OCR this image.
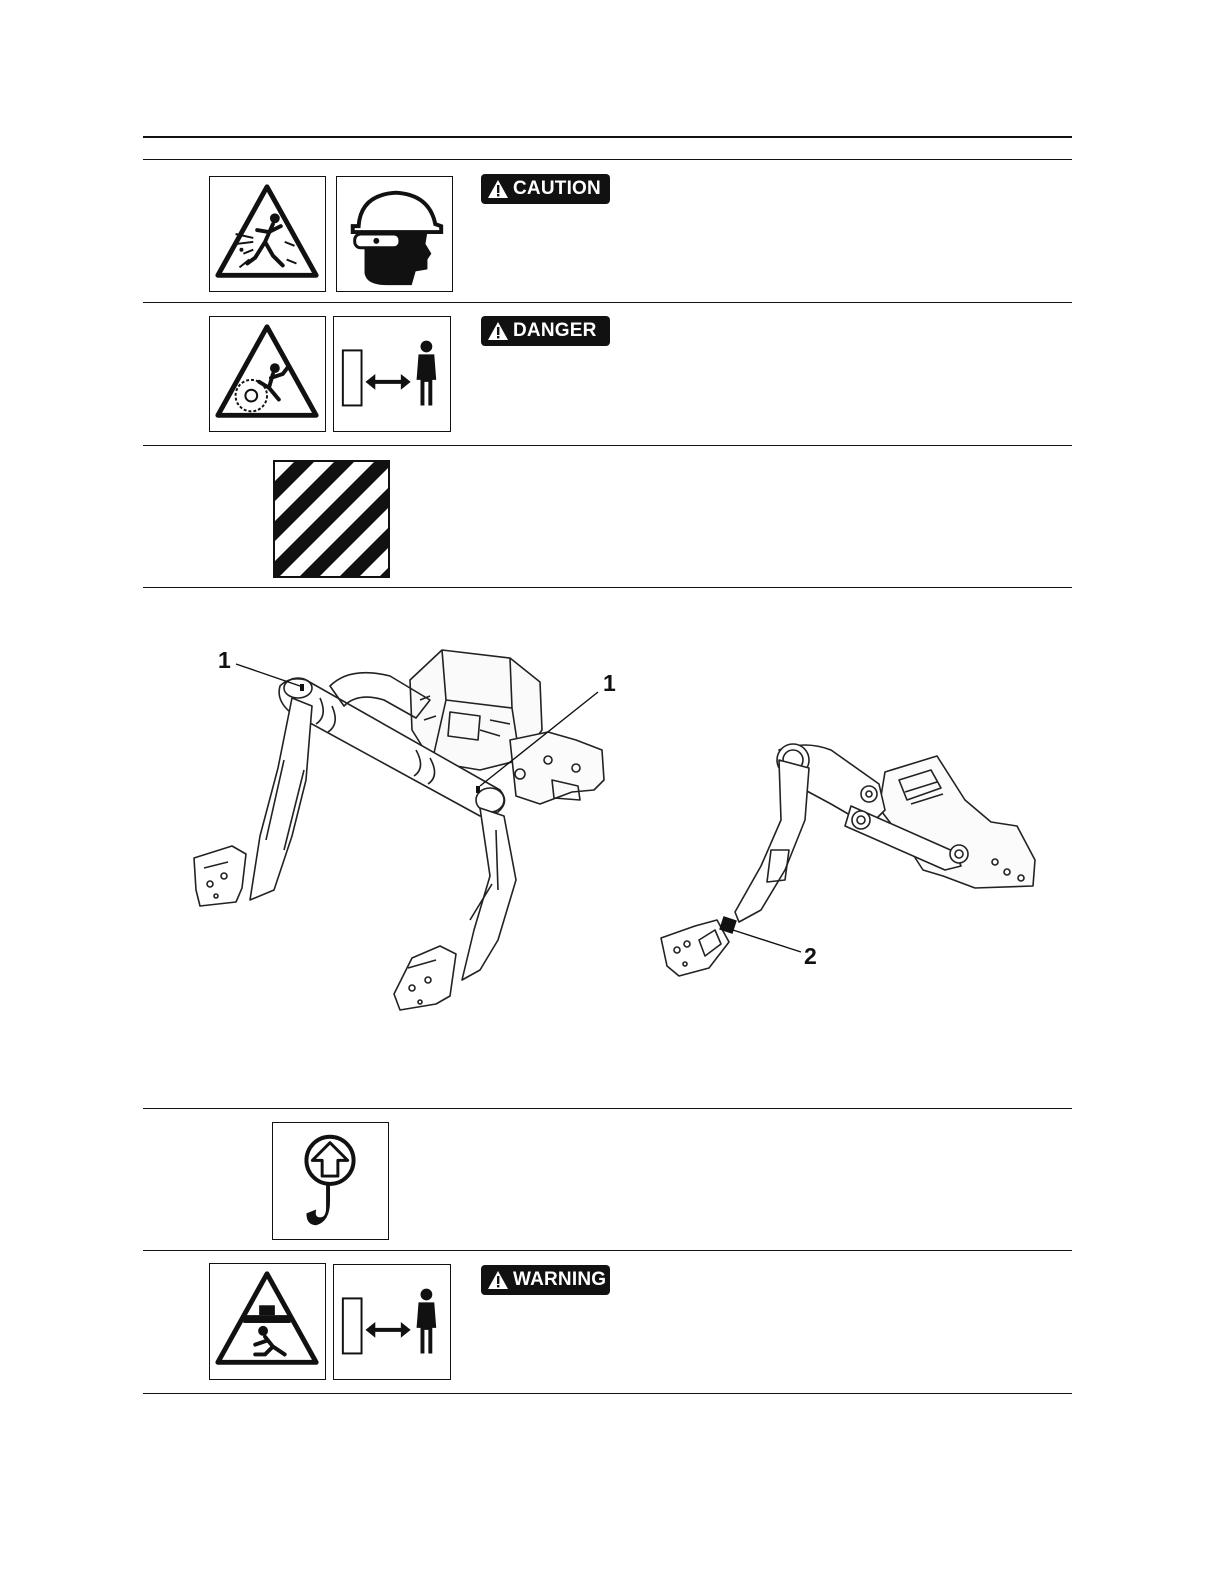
CAUTION
DANGER
1
1
2
WARNING
